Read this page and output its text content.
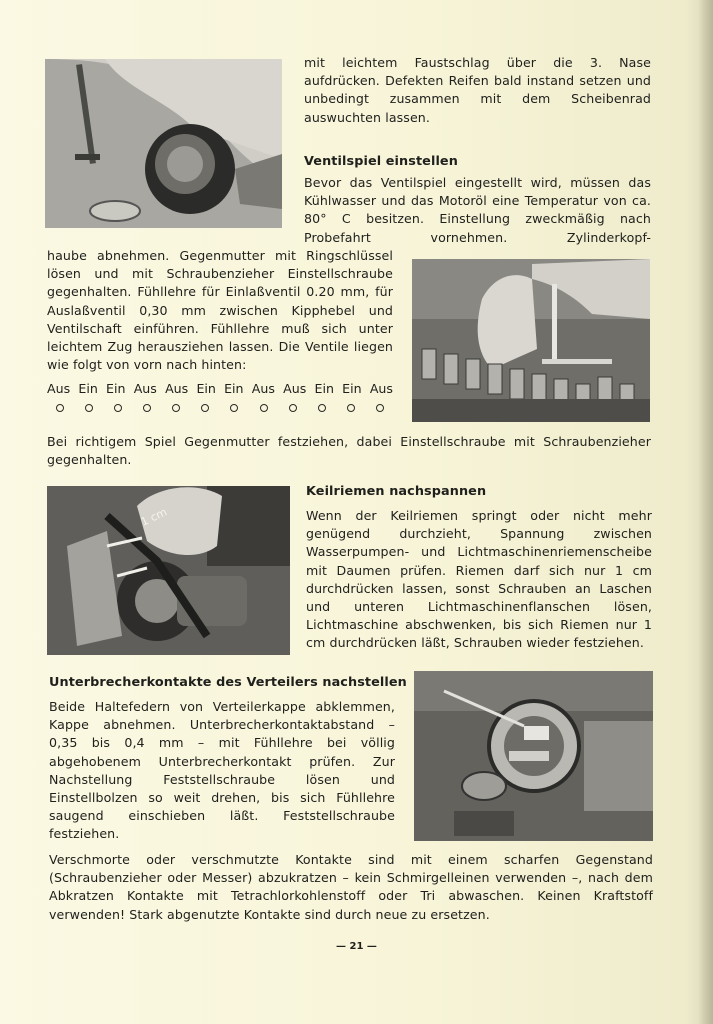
mit leichtem Faustschlag über die 3. Nase aufdrücken. Defekten Reifen bald instand setzen und unbedingt zusammen mit dem Scheibenrad auswuchten lassen.
Ventilspiel einstellen
Bevor das Ventilspiel eingestellt wird, müssen das Kühlwasser und das Motoröl eine Temperatur von ca. 80° C besitzen. Einstellung zweckmäßig nach Probefahrt vornehmen. Zylinderkopf-
haube abnehmen. Gegenmutter mit Ringschlüssel lösen und mit Schraubenzieher Einstellschraube gegenhalten. Fühllehre für Einlaßventil 0.20 mm, für Auslaßventil 0,30 mm zwischen Kipphebel und Ventilschaft einführen. Fühllehre muß sich unter leichtem Zug herausziehen lassen. Die Ventile liegen wie folgt von vorn nach hinten:
Aus Ein Ein Aus Aus Ein Ein Aus Aus Ein Ein Aus
Bei richtigem Spiel Gegenmutter festziehen, dabei Einstellschraube mit Schraubenzieher gegenhalten.
1 cm
Keilriemen nachspannen
Wenn der Keilriemen springt oder nicht mehr genügend durchzieht, Spannung zwischen Wasserpumpen- und Lichtmaschinenriemenscheibe mit Daumen prüfen. Riemen darf sich nur 1 cm durchdrücken lassen, sonst Schrauben an Laschen und unteren Lichtmaschinenflanschen lösen, Lichtmaschine abschwenken, bis sich Riemen nur 1 cm durchdrücken läßt, Schrauben wieder festziehen.
Unterbrecherkontakte des Verteilers nachstellen
Beide Haltefedern von Verteilerkappe abklemmen, Kappe abnehmen. Unterbrecherkontaktabstand – 0,35 bis 0,4 mm – mit Fühllehre bei völlig abgehobenem Unterbrecherkontakt prüfen. Zur Nachstellung Feststellschraube lösen und Einstellbolzen so weit drehen, bis sich Fühllehre saugend einschieben läßt. Feststellschraube festziehen.
Verschmorte oder verschmutzte Kontakte sind mit einem scharfen Gegenstand (Schraubenzieher oder Messer) abzukratzen – kein Schmirgelleinen verwenden –, nach dem Abkratzen Kontakte mit Tetrachlorkohlenstoff oder Tri abwaschen. Keinen Kraftstoff verwenden! Stark abgenutzte Kontakte sind durch neue zu ersetzen.
— 21 —
